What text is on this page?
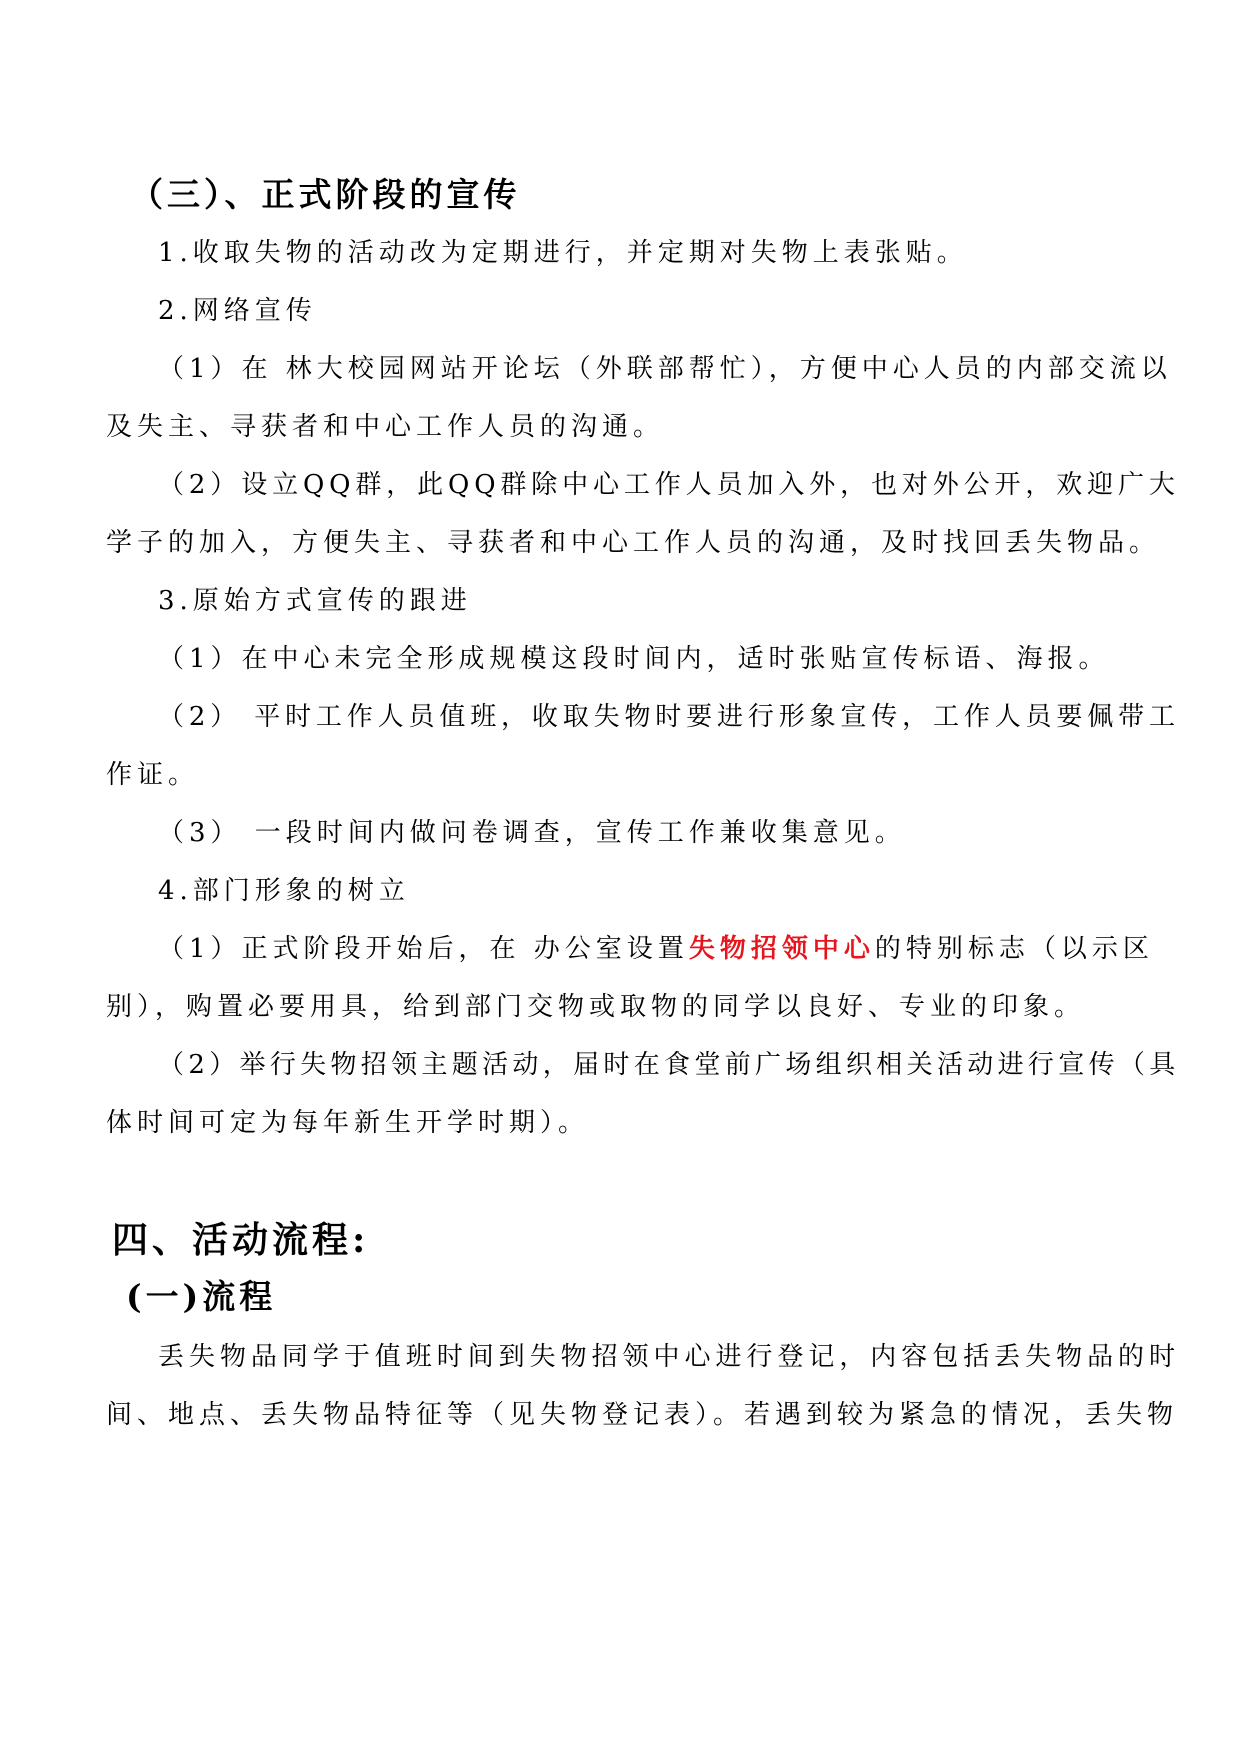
（三）、正式阶段的宣传
1.收取失物的活动改为定期进行，并定期对失物上表张贴。
2.网络宣传
（1）在 林大校园网站开论坛（外联部帮忙），方便中心人员的内部交流以
及失主、寻获者和中心工作人员的沟通。
（2）设立QQ群，此QQ群除中心工作人员加入外，也对外公开，欢迎广大
学子的加入，方便失主、寻获者和中心工作人员的沟通，及时找回丢失物品。
3.原始方式宣传的跟进
（1）在中心未完全形成规模这段时间内，适时张贴宣传标语、海报。
（2） 平时工作人员值班，收取失物时要进行形象宣传，工作人员要佩带工
作证。
（3） 一段时间内做问卷调查，宣传工作兼收集意见。
4.部门形象的树立
（1）正式阶段开始后，在 办公室设置失物招领中心的特别标志（以示区
别），购置必要用具，给到部门交物或取物的同学以良好、专业的印象。
（2）举行失物招领主题活动，届时在食堂前广场组织相关活动进行宣传（具
体时间可定为每年新生开学时期）。
四、活动流程:
(一)流程
丢失物品同学于值班时间到失物招领中心进行登记，内容包括丢失物品的时
间、地点、丢失物品特征等（见失物登记表）。若遇到较为紧急的情况，丢失物
